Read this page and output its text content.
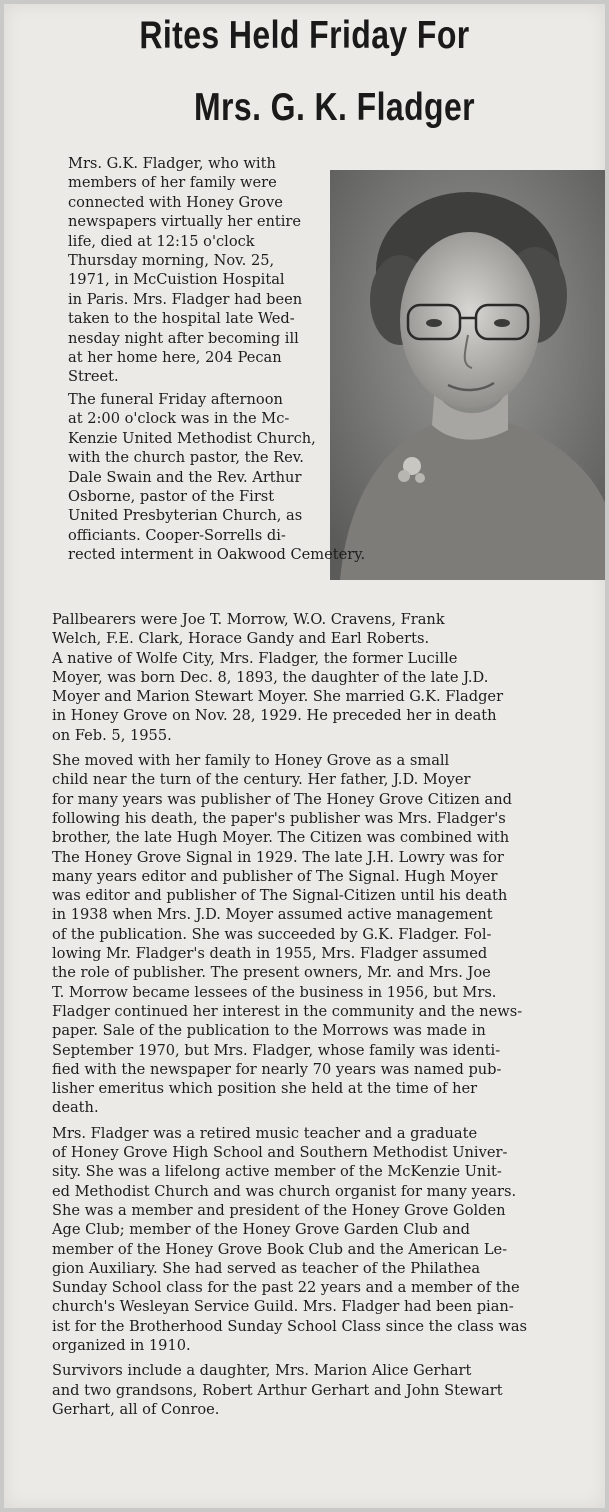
Rites Held Friday For
Mrs. G. K. Fladger

Mrs. G.K. Fladger, who with
members of her family were
connected with Honey Grove
newspapers virtually her entire
life, died at 12:15 o'clock
Thursday morning, Nov. 25,
1971, in McCuistion Hospital
in Paris. Mrs. Fladger had been
taken to the hospital late Wed-
nesday night after becoming ill
at her home here, 204 Pecan
Street.

The funeral Friday afternoon
at 2:00 o'clock was in the Mc-
Kenzie United Methodist Church,
with the church pastor, the Rev.
Dale Swain and the Rev. Arthur
Osborne, pastor of the First
United Presbyterian Church, as
officiants. Cooper-Sorrells di-
rected interment in Oakwood Cemetery.

Pallbearers were Joe T. Morrow, W.O. Cravens, Frank
Welch, F.E. Clark, Horace Gandy and Earl Roberts.

A native of Wolfe City, Mrs. Fladger, the former Lucille
Moyer, was born Dec. 8, 1893, the daughter of the late J.D.
Moyer and Marion Stewart Moyer. She married G.K. Fladger
in Honey Grove on Nov. 28, 1929. He preceded her in death
on Feb. 5, 1955.

She moved with her family to Honey Grove as a small
child near the turn of the century. Her father, J.D. Moyer
for many years was publisher of The Honey Grove Citizen and
following his death, the paper's publisher was Mrs. Fladger's
brother, the late Hugh Moyer. The Citizen was combined with
The Honey Grove Signal in 1929. The late J.H. Lowry was for
many years editor and publisher of The Signal. Hugh Moyer
was editor and publisher of The Signal-Citizen until his death
in 1938 when Mrs. J.D. Moyer assumed active management
of the publication. She was succeeded by G.K. Fladger. Fol-
lowing Mr. Fladger's death in 1955, Mrs. Fladger assumed
the role of publisher. The present owners, Mr. and Mrs. Joe
T. Morrow became lessees of the business in 1956, but Mrs.
Fladger continued her interest in the community and the news-
paper. Sale of the publication to the Morrows was made in
September 1970, but Mrs. Fladger, whose family was identi-
fied with the newspaper for nearly 70 years was named pub-
lisher emeritus which position she held at the time of her
death.

Mrs. Fladger was a retired music teacher and a graduate
of Honey Grove High School and Southern Methodist Univer-
sity. She was a lifelong active member of the McKenzie Unit-
ed Methodist Church and was church organist for many years.
She was a member and president of the Honey Grove Golden
Age Club; member of the Honey Grove Garden Club and
member of the Honey Grove Book Club and the American Le-
gion Auxiliary. She had served as teacher of the Philathea
Sunday School class for the past 22 years and a member of the
church's Wesleyan Service Guild. Mrs. Fladger had been pian-
ist for the Brotherhood Sunday School Class since the class was
organized in 1910.

Survivors include a daughter, Mrs. Marion Alice Gerhart
and two grandsons, Robert Arthur Gerhart and John Stewart
Gerhart, all of Conroe.
